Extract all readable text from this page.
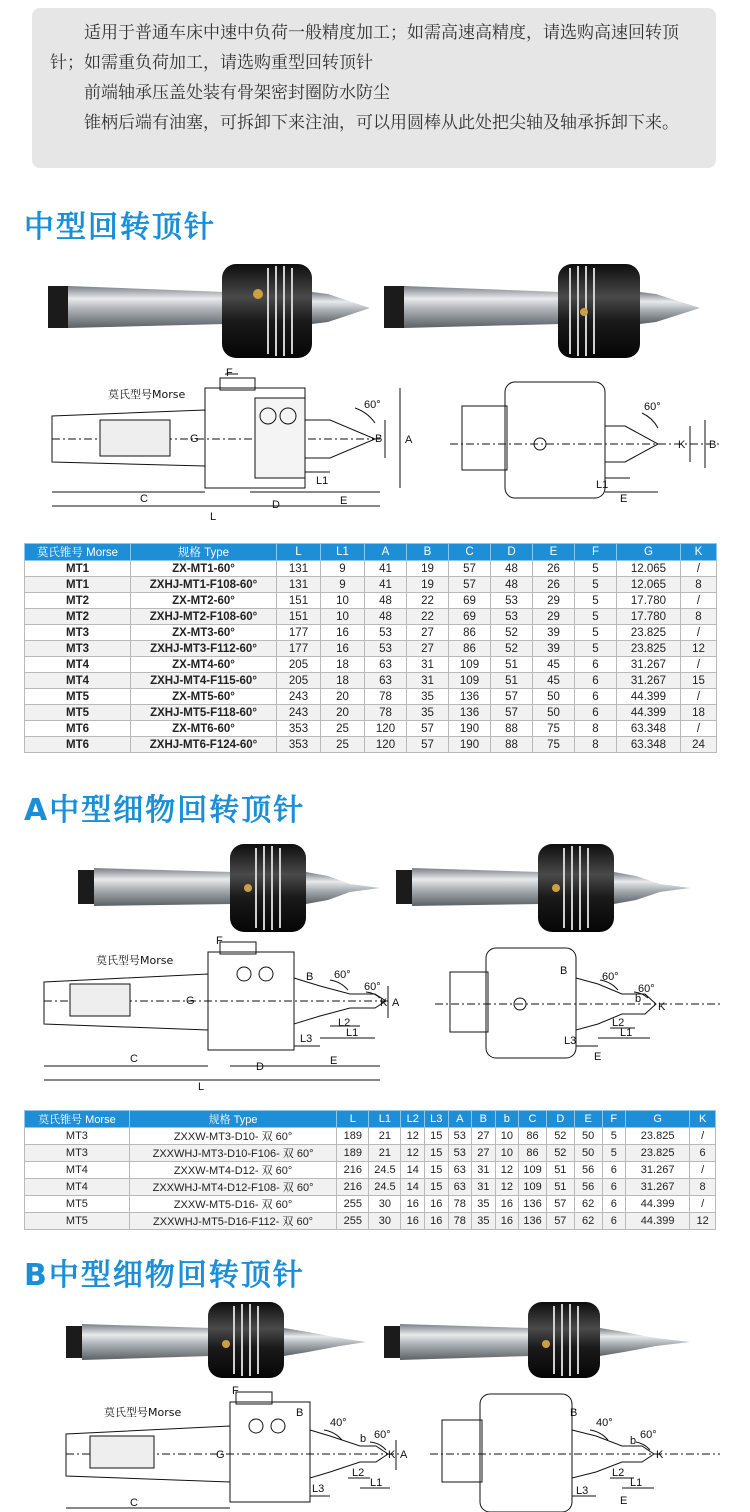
适用于普通车床中速中负荷一般精度加工；如需高速高精度，请选购高速回转顶针；如需重负荷加工，请选购重型回转顶针

前端轴承压盖处装有骨架密封圈防水防尘

锥柄后端有油塞，可拆卸下来注油，可以用圆棒从此处把尖轴及轴承拆卸下来。

中型回转顶针
莫氏型号Morse
F
G	A
B
C	D	E
L
L1
60°	60°
K B
L1
E
莫氏锥号 Morse	规格 Type	L	L1	A	B	C	D	E	F	G	K
MT1	ZX-MT1-60°	131	9	41	19	57	48	26	5	12.065	/
MT1	ZXHJ-MT1-F108-60°	131	9	41	19	57	48	26	5	12.065	8
MT2	ZX-MT2-60°	151	10	48	22	69	53	29	5	17.780	/
MT2	ZXHJ-MT2-F108-60°	151	10	48	22	69	53	29	5	17.780	8
MT3	ZX-MT3-60°	177	16	53	27	86	52	39	5	23.825	/
MT3	ZXHJ-MT3-F112-60°	177	16	53	27	86	52	39	5	23.825	12
MT4	ZX-MT4-60°	205	18	63	31	109	51	45	6	31.267	/
MT4	ZXHJ-MT4-F115-60°	205	18	63	31	109	51	45	6	31.267	15
MT5	ZX-MT5-60°	243	20	78	35	136	57	50	6	44.399	/
MT5	ZXHJ-MT5-F118-60°	243	20	78	35	136	57	50	6	44.399	18
MT6	ZX-MT6-60°	353	25	120	57	190	88	75	8	63.348	/
MT6	ZXHJ-MT6-F124-60°	353	25	120	57	190	88	75	8	63.348	24
A中型细物回转顶针
莫氏型号Morse
F
G
B
K A
L2
L3	L1
C
D	E
L
60°
60°
B	60°
60°
b
K
L2
L3
L1
E
莫氏锥号 Morse	规格 Type	L	L1	L2	L3	A	B	b	C	D	E	F	G	K
MT3	ZXXW-MT3-D10- 双 60°	189	21	12	15	53	27	10	86	52	50	5	23.825	/
MT3	ZXXWHJ-MT3-D10-F106- 双 60°	189	21	12	15	53	27	10	86	52	50	5	23.825	6
MT4	ZXXW-MT4-D12- 双 60°	216	24.5	14	15	63	31	12	109	51	56	6	31.267	/
MT4	ZXXWHJ-MT4-D12-F108- 双 60°	216	24.5	14	15	63	31	12	109	51	56	6	31.267	8
MT5	ZXXW-MT5-D16- 双 60°	255	30	16	16	78	35	16	136	57	62	6	44.399	/
MT5	ZXXWHJ-MT5-D16-F112- 双 60°	255	30	16	16	78	35	16	136	57	62	6	44.399	12
B中型细物回转顶针
莫氏型号Morse
F
G
B
b
K A
L2
L3	L1
C
40°
60°
B
40°
60°
b
K
L2
L3
L1
E
